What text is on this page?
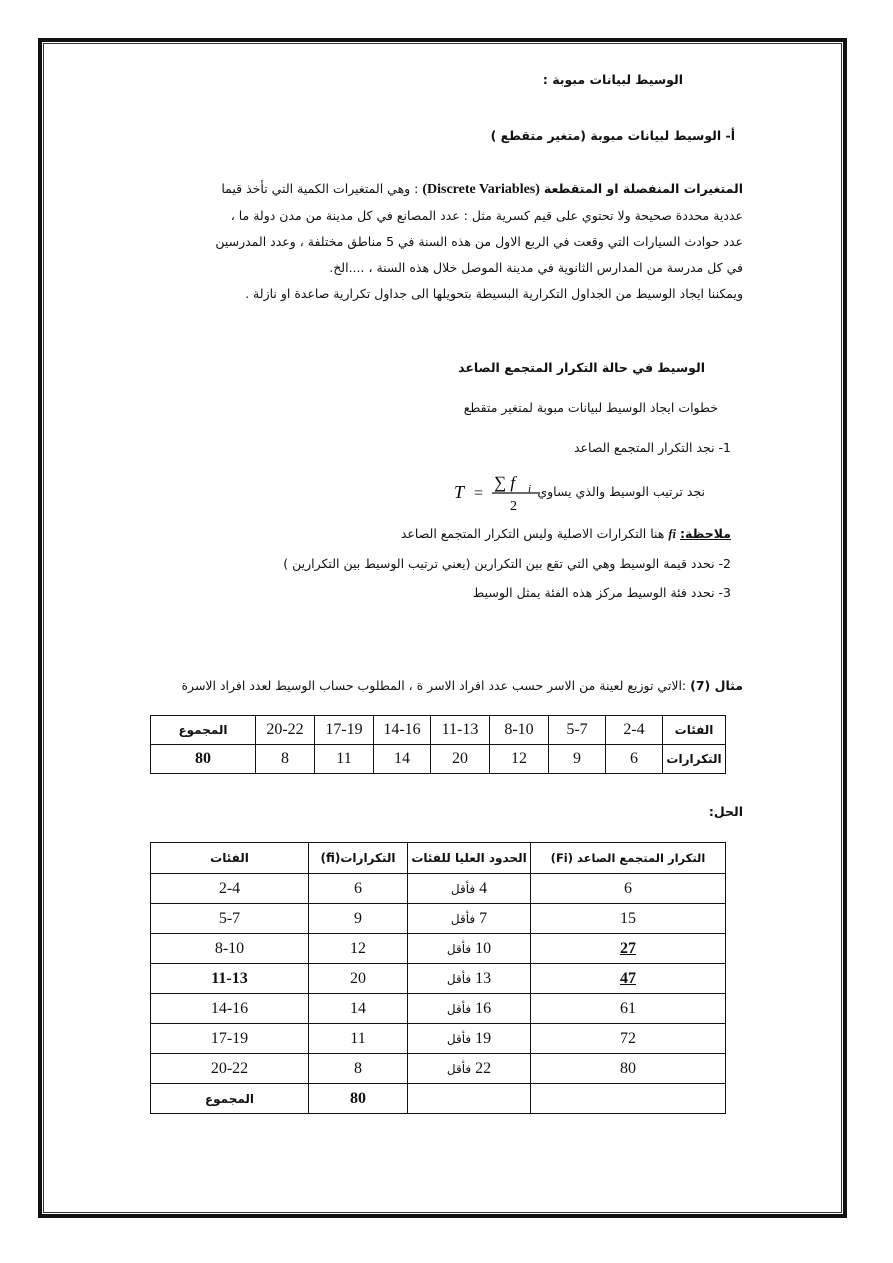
الوسيط لبيانات مبوبة :
أ- الوسيط لبيانات مبوبة (متغير متقطع )
المتغيرات المنفصلة او المتقطعة (Discrete Variables) : وهي المتغيرات الكمية التي تأخذ قيما
عددية محددة صحيحة ولا تحتوي على قيم كسرية مثل : عدد المصانع في كل مدينة من مدن دولة ما ،
عدد حوادث السيارات التي وقعت في الربع الاول من هذه السنة في 5 مناطق مختلفة ، وعدد المدرسين
في كل مدرسة من المدارس الثانوية في مدينة الموصل خلال هذه السنة ، ....الخ.
ويمكننا ايجاد الوسيط من الجداول التكرارية البسيطة بتحويلها الى جداول تكرارية صاعدة او نازلة .
الوسيط في حالة التكرار المتجمع الصاعد
خطوات ايجاد الوسيط لبيانات مبوبة لمتغير متقطع
1- نجد التكرار المتجمع الصاعد
نجد ترتيب الوسيط والذي يساوي
T =
∑ f i
2
ملاحظة: fi هنا التكرارات الاصلية وليس التكرار المتجمع الصاعد
2- نحدد قيمة الوسيط وهي التي تقع بين التكرارين (يعني ترتيب الوسيط بين التكرارين )
3- نحدد فئة الوسيط مركز هذه الفئة يمثل الوسيط
مثال (7) :الاتي توزيع لعينة من الاسر حسب عدد افراد الاسر ة ، المطلوب حساب الوسيط لعدد افراد الاسرة
الفئات	2-4	5-7	8-10	11-13	14-16	17-19	20-22	المجموع
التكرارات	6	9	12	20	14	11	8	80
الحل:
التكرار المتجمع الصاعد (Fi)	الحدود العليا للفئات	التكرارات(fi)	الفئات
6	4 فأقل	6	2-4
15	7 فأقل	9	5-7
27	10 فأقل	12	8-10
47	13 فأقل	20	11-13
61	16 فأقل	14	14-16
72	19 فأقل	11	17-19
80	22 فأقل	8	20-22
		80	المجموع
